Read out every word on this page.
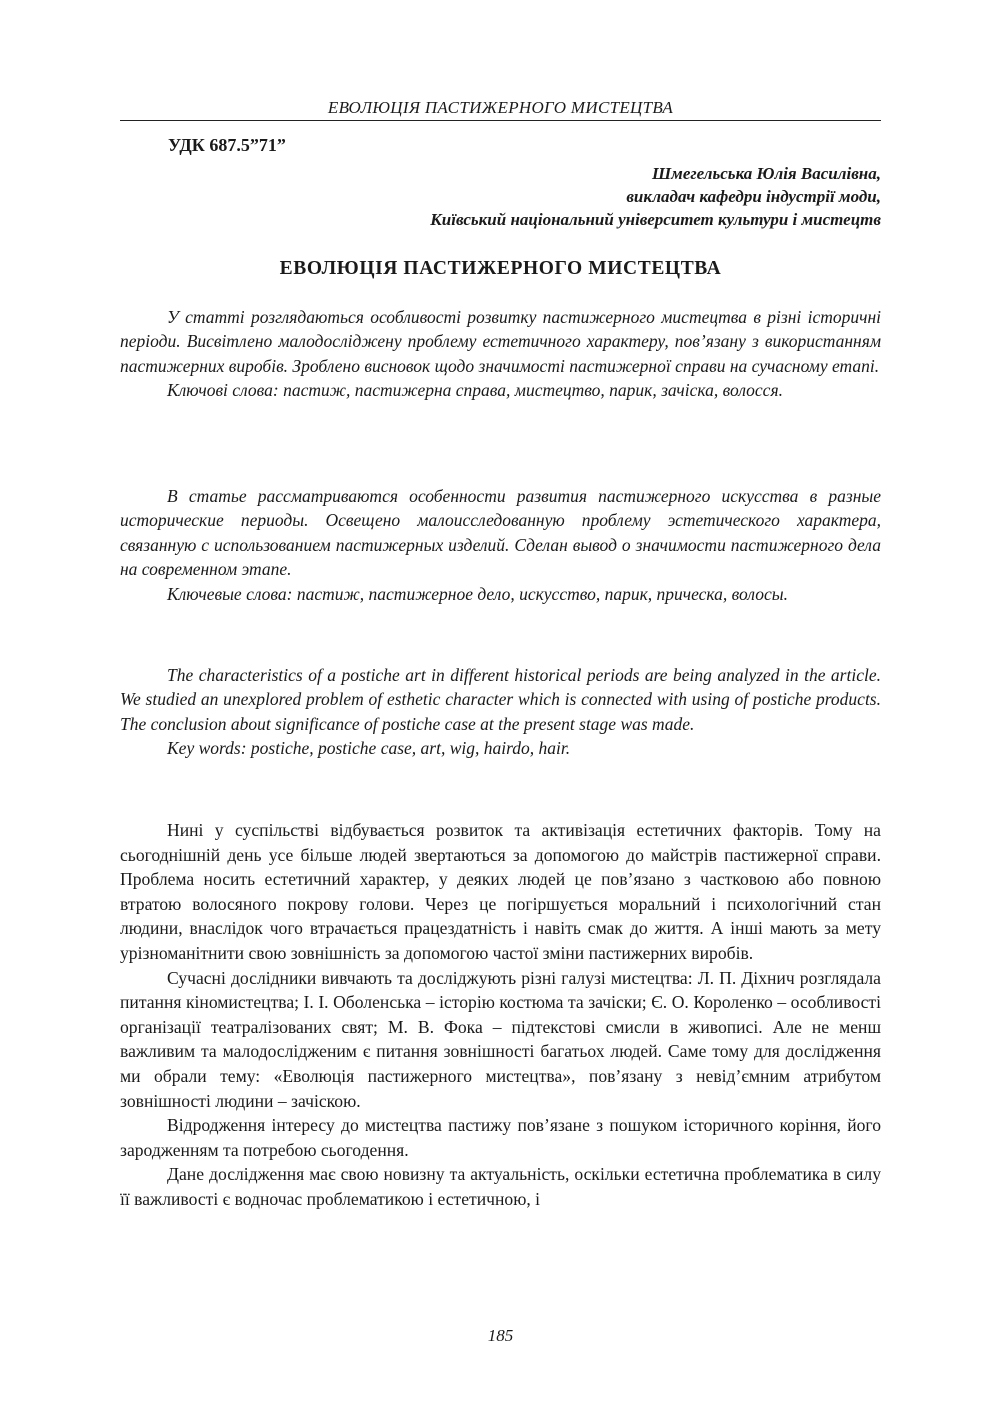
ЕВОЛЮЦІЯ ПАСТИЖЕРНОГО МИСТЕЦТВА
УДК 687.5”71”
Шмегельська Юлія Василівна,
викладач кафедри індустрії моди,
Київський національний університет культури і мистецтв
ЕВОЛЮЦІЯ ПАСТИЖЕРНОГО МИСТЕЦТВА

У статті розглядаються особливості розвитку пастижерного мистецтва в різні історичні періоди. Висвітлено малодосліджену проблему естетичного характеру, пов’язану з використанням пастижерних виробів. Зроблено висновок щодо значимості пастижерної справи на сучасному етапі.

Ключові слова: пастиж, пастижерна справа, мистецтво, парик, зачіска, волосся.

В статье рассматриваются особенности развития пастижерного искусства в разные исторические периоды. Освещено малоисследованную проблему эстетического характера, связанную с использованием пастижерных изделий. Сделан вывод о значимости пастижерного дела на современном этапе.

Ключевые слова: пастиж, пастижерное дело, искусство, парик, прическа, волосы.

The characteristics of a postiche art in different historical periods are being analyzed in the article. We studied an unexplored problem of esthetic character which is connected with using of postiche products. The conclusion about significance of postiche case at the present stage was made.

Key words: postiche, postiche case, art, wig, hairdo, hair.

Нині у суспільстві відбувається розвиток та активізація естетичних факторів. Тому на сьогоднішній день усе більше людей звертаються за допомогою до майстрів пастижерної справи. Проблема носить естетичний характер, у деяких людей це пов’язано з частковою або повною втратою волосяного покрову голови. Через це погіршується моральний і психологічний стан людини, внаслідок чого втрачається працездатність і навіть смак до життя. А інші мають за мету урізноманітнити свою зовнішність за допомогою частої зміни пастижерних виробів.

Сучасні дослідники вивчають та досліджують різні галузі мистецтва: Л. П. Діхнич розглядала питання кіномистецтва; І. І. Оболенська – історію костюма та зачіски; Є. О. Короленко – особливості організації театралізованих свят; М. В. Фока – підтекстові смисли в живописі. Але не менш важливим та малодослідженим є питання зовнішності багатьох людей. Саме тому для дослідження ми обрали тему: «Еволюція пастижерного мистецтва», пов’язану з невід’ємним атрибутом зовнішності людини – зачіскою.

Відродження інтересу до мистецтва пастижу пов’язане з пошуком історичного коріння, його зародженням та потребою сьогодення.

Дане дослідження має свою новизну та актуальність, оскільки естетична проблематика в силу її важливості є водночас проблематикою і естетичною, і

185
